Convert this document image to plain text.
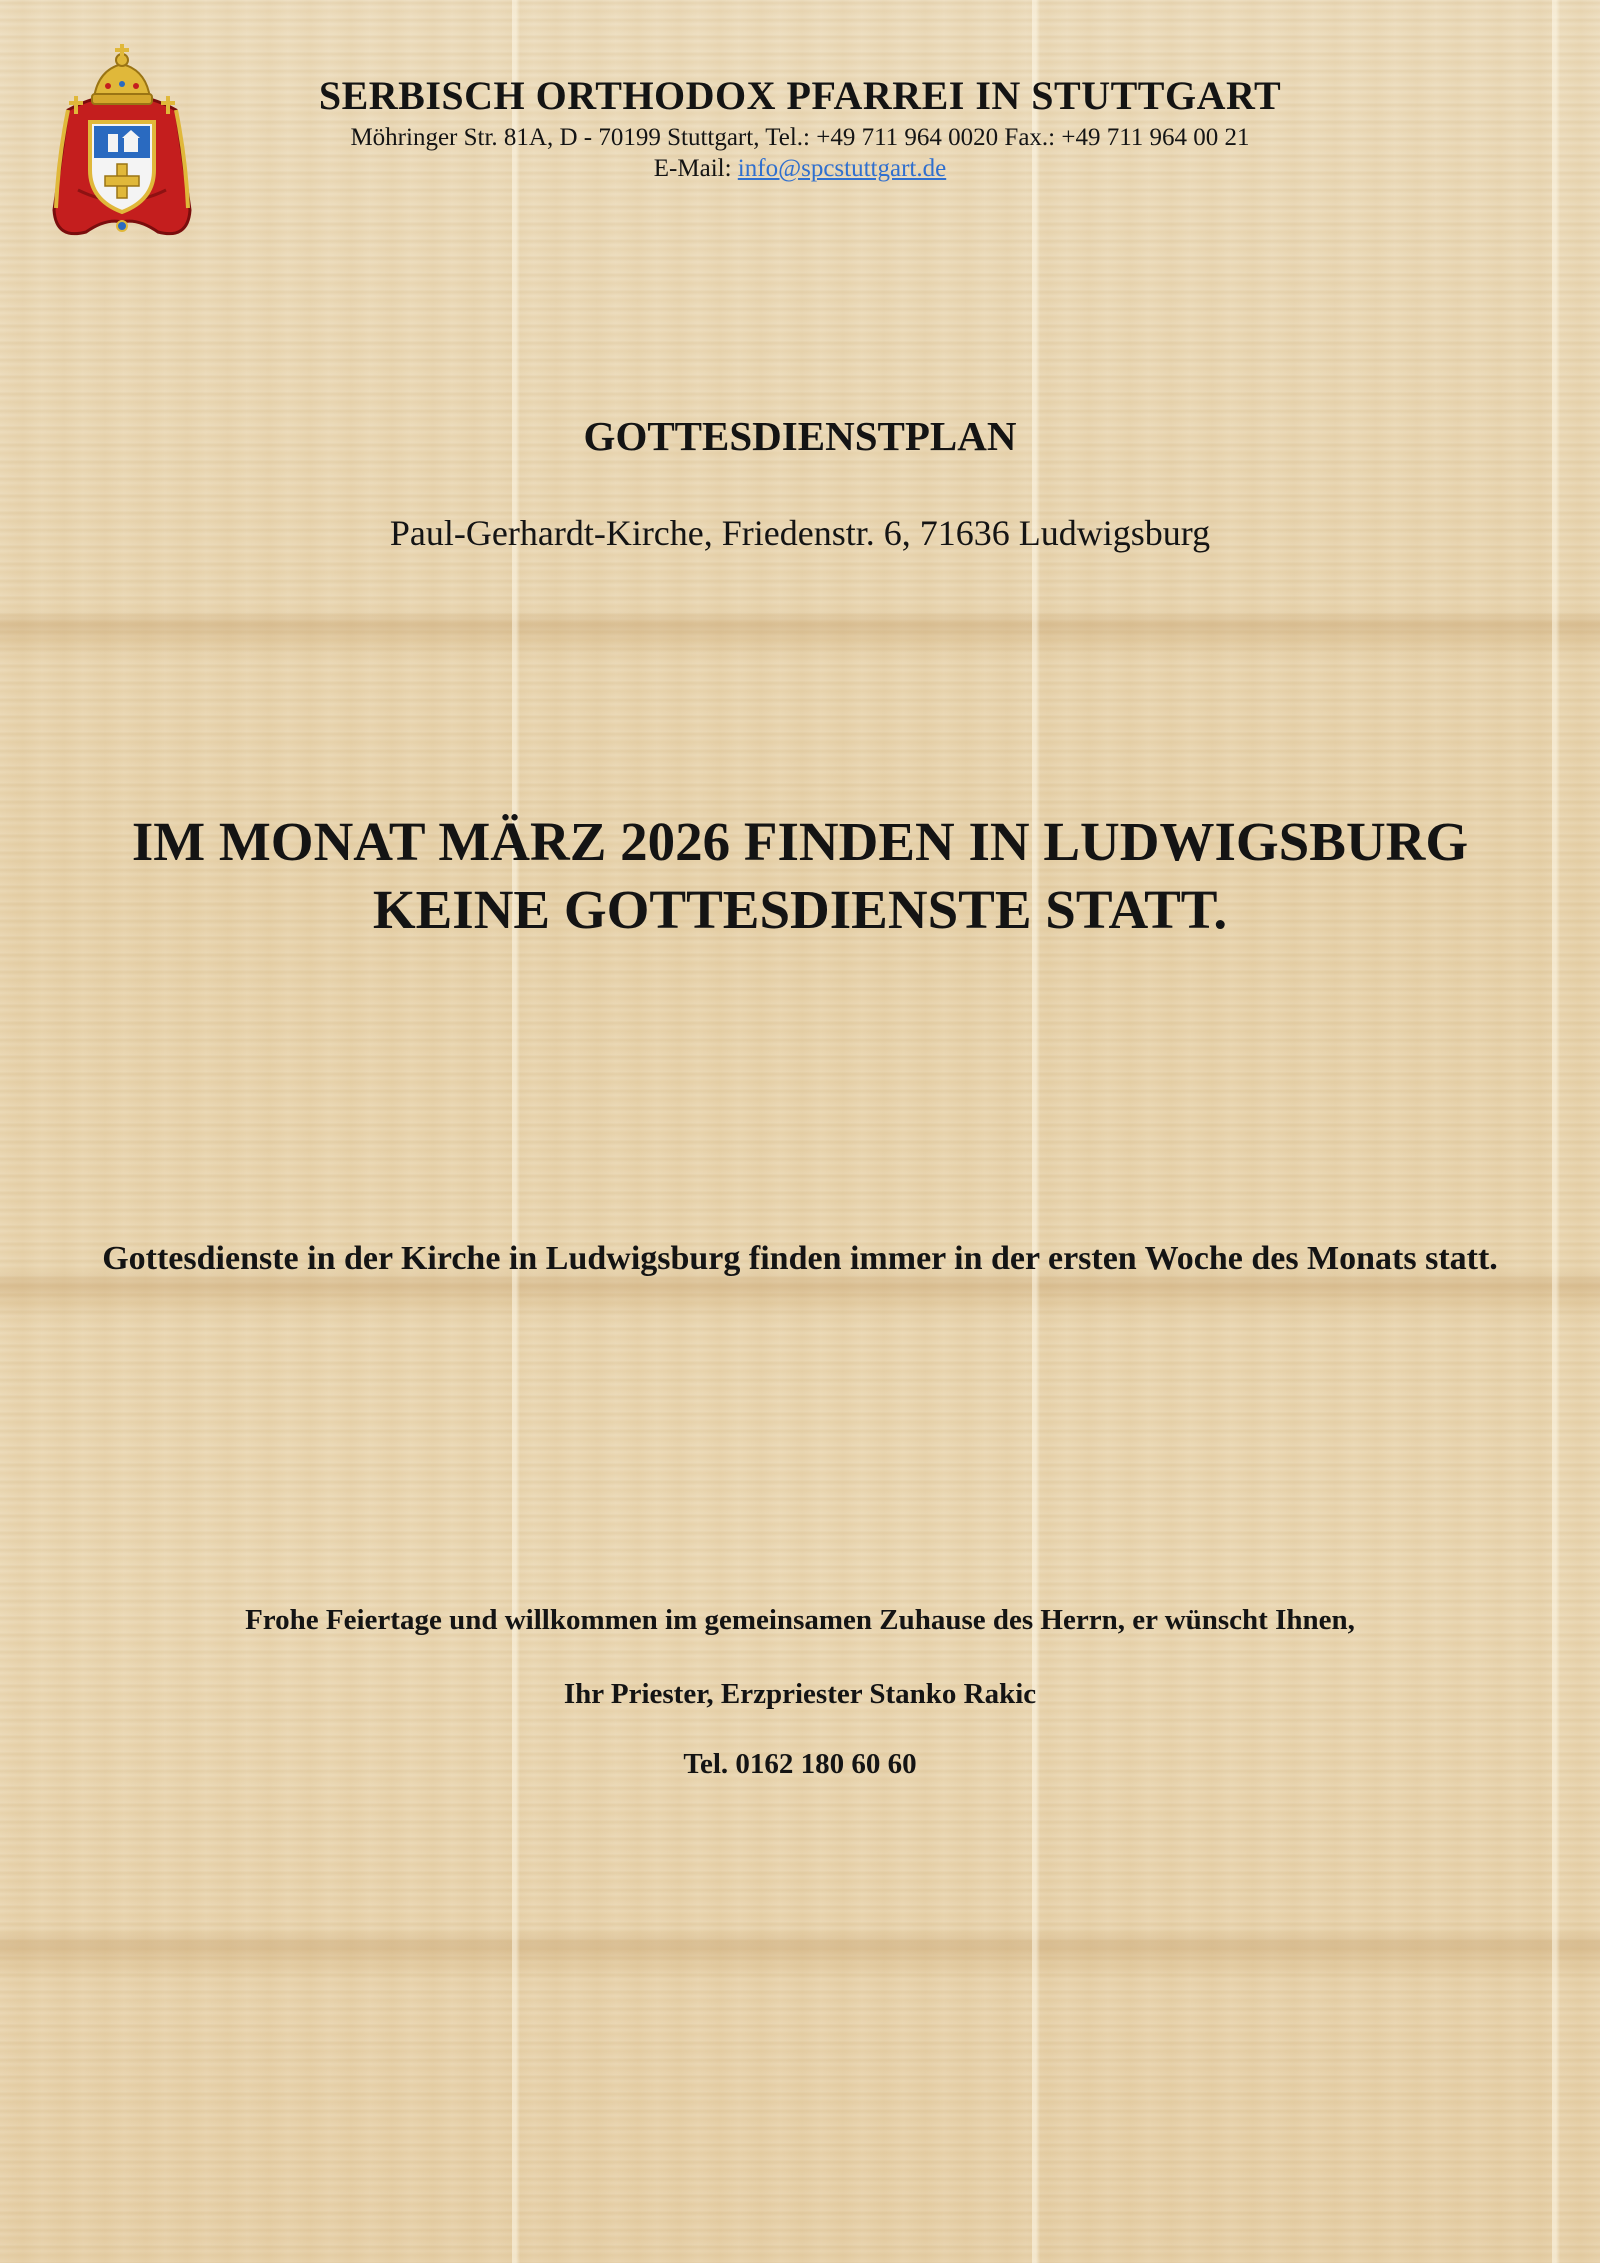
SERBISCH ORTHODOX PFARREI IN STUTTGART
Möhringer Str. 81A, D - 70199 Stuttgart, Tel.: +49 711 964 0020 Fax.: +49 711 964 00 21
E-Mail: info@spcstuttgart.de
GOTTESDIENSTPLAN
Paul-Gerhardt-Kirche, Friedenstr. 6, 71636 Ludwigsburg
IM MONAT MÄRZ 2026 FINDEN IN LUDWIGSBURG
KEINE GOTTESDIENSTE STATT.
Gottesdienste in der Kirche in Ludwigsburg finden immer in der ersten Woche des Monats statt.
Frohe Feiertage und willkommen im gemeinsamen Zuhause des Herrn, er wünscht Ihnen,
Ihr Priester, Erzpriester Stanko Rakic
Tel. 0162 180 60 60
